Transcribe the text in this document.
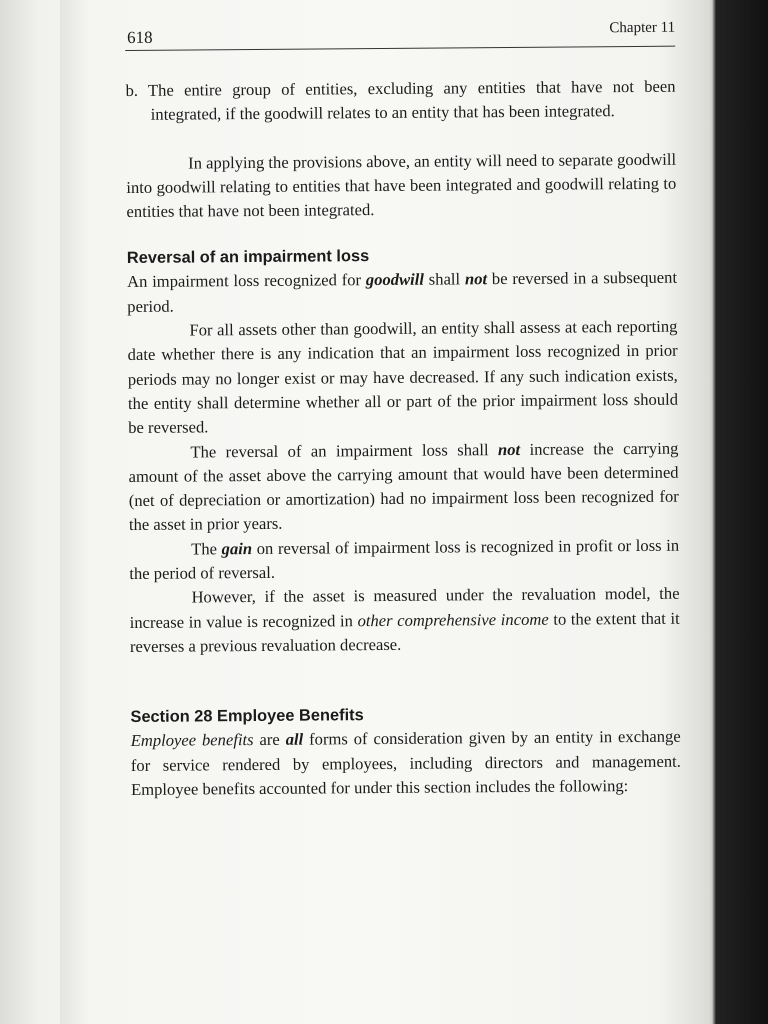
618	Chapter 11

b. The entire group of entities, excluding any entities that have not been integrated, if the goodwill relates to an entity that has been integrated.

In applying the provisions above, an entity will need to separate goodwill into goodwill relating to entities that have been integrated and goodwill relating to entities that have not been integrated.

Reversal of an impairment loss

An impairment loss recognized for goodwill shall not be reversed in a subsequent period.

For all assets other than goodwill, an entity shall assess at each reporting date whether there is any indication that an impairment loss recognized in prior periods may no longer exist or may have decreased. If any such indication exists, the entity shall determine whether all or part of the prior impairment loss should be reversed.

The reversal of an impairment loss shall not increase the carrying amount of the asset above the carrying amount that would have been determined (net of depreciation or amortization) had no impairment loss been recognized for the asset in prior years.

The gain on reversal of impairment loss is recognized in profit or loss in the period of reversal.

However, if the asset is measured under the revaluation model, the increase in value is recognized in other comprehensive income to the extent that it reverses a previous revaluation decrease.

Section 28 Employee Benefits

Employee benefits are all forms of consideration given by an entity in exchange for service rendered by employees, including directors and management. Employee benefits accounted for under this section includes the following:
